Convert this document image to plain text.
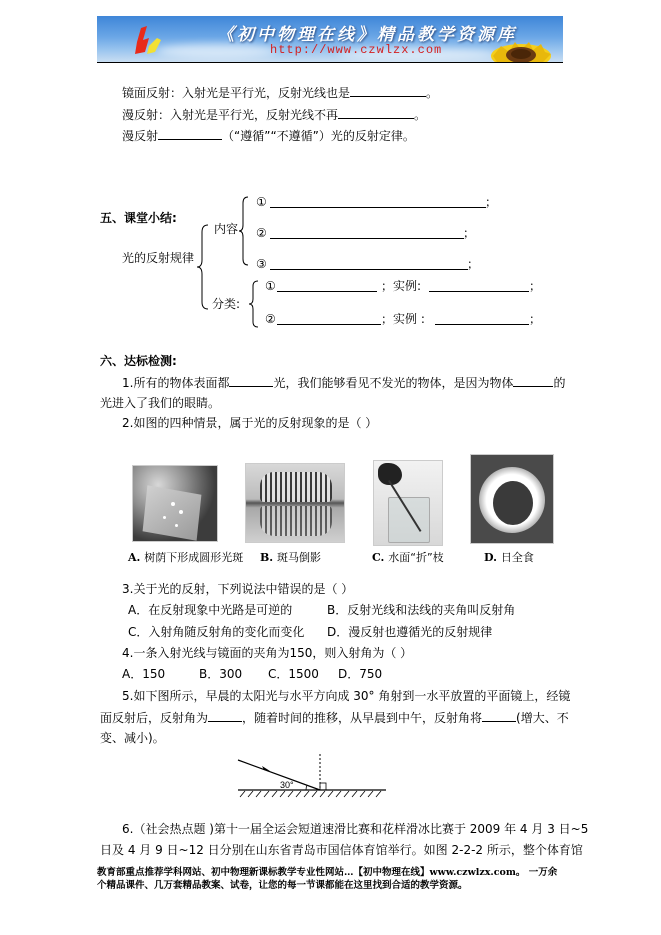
《初中物理在线》精品教学资源库
http://www.czwlzx.com
镜面反射：入射光是平行光，反射光线也是	。
漫反射：入射光是平行光，反射光线不再	。
漫反射	（“遵循”“不遵循”）光的反射定律。
五、课堂小结:
光的反射规律
内容
①	；
②	；
③	；
分类:
①	；实例:	；
②	；实例 :	；
六、达标检测:
1.所有的物体表面都	光，我们能够看见不发光的物体，是因为物体	的
光进入了我们的眼睛。
2.如图的四种情景，属于光的反射现象的是（ ）
A. 树荫下形成圆形光斑 B. 斑马倒影	C. 水面“折”枝	D. 日全食
3.关于光的反射，下列说法中错误的是（ ）
A．在反射现象中光路是可逆的	B．反射光线和法线的夹角叫反射角
C．入射角随反射角的变化而变化 D．漫反射也遵循光的反射规律
4.一条入射光线与镜面的夹角为150，则入射角为（ ）
A．150	B．300 C．1500 D．750
5.如下图所示，早晨的太阳光与水平方向成 30° 角射到一水平放置的平面镜上，经镜
面反射后，反射角为	，随着时间的推移，从早晨到中午，反射角将	(增大、不
变、减小)。
30°
6.（社会热点题 )第十一届全运会短道速滑比赛和花样滑冰比赛于 2009 年 4 月 3 日~5
日及 4 月 9 日~12 日分别在山东省青岛市国信体育馆举行。如图 2-2-2 所示，整个体育馆
教育部重点推荐学科网站、初中物理新课标教学专业性网站…【初中物理在线】www.czwlzx.com。 一万余
个精品课件、几万套精品教案、试卷，让您的每一节课都能在这里找到合适的教学资源。
